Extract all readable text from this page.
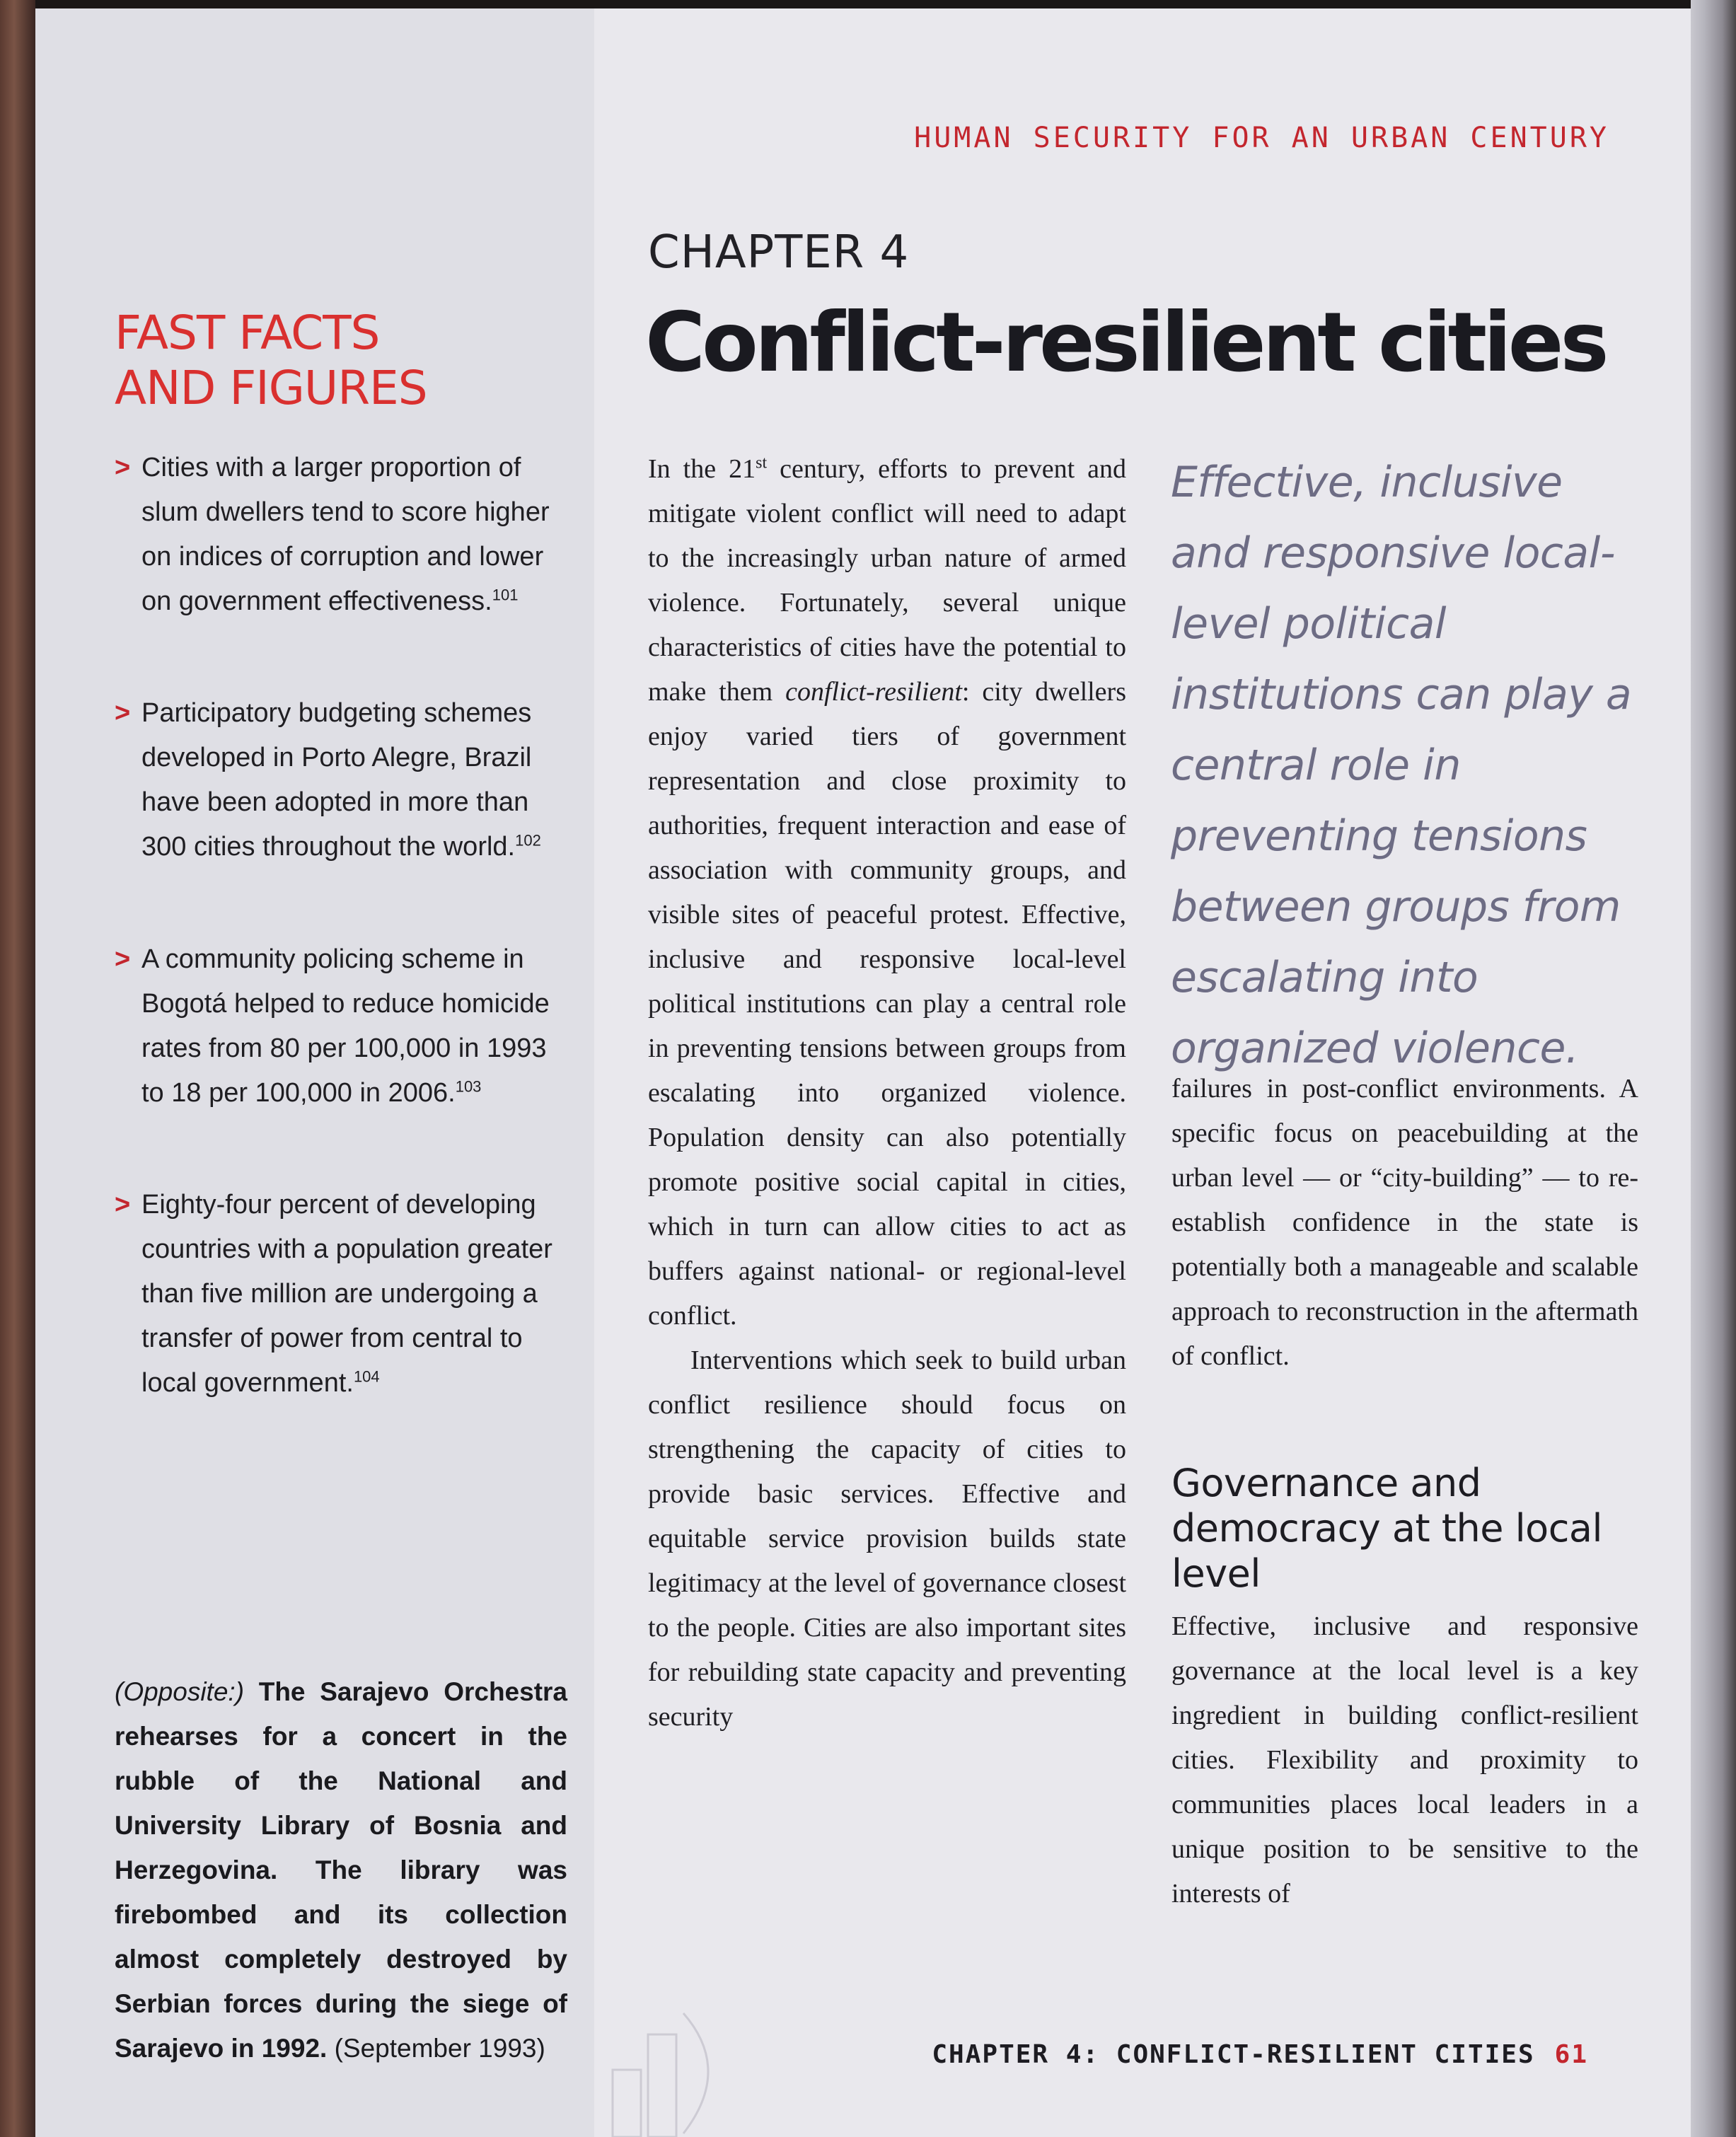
FAST FACTS
AND FIGURES
> Cities with a larger proportion of slum dwellers tend to score higher on indices of corruption and lower on government effectiveness.$^{101}$
> Participatory budgeting schemes developed in Porto Alegre, Brazil have been adopted in more than 300 cities throughout the world.$^{102}$
> A community policing scheme in Bogotá helped to reduce homicide rates from 80 per 100,000 in 1993 to 18 per 100,000 in 2006.$^{103}$
> Eighty-four percent of developing countries with a population greater than five million are undergoing a transfer of power from central to local government.$^{104}$
(Opposite:) The Sarajevo Orchestra rehearses for a concert in the rubble of the National and University Library of Bosnia and Herzegovina. The library was firebombed and its collection almost completely destroyed by Serbian forces during the siege of Sarajevo in 1992. (September 1993)
HUMAN SECURITY FOR AN URBAN CENTURY
CHAPTER 4
Conflict-resilient cities

In the 21st century, efforts to prevent and mitigate violent conflict will need to adapt to the increasingly urban nature of armed violence. Fortunately, several unique characteristics of cities have the potential to make them conflict-resilient: city dwellers enjoy varied tiers of government representation and close proximity to authorities, frequent interaction and ease of association with community groups, and visible sites of peaceful protest. Effective, inclusive and responsive local-level political institutions can play a central role in preventing tensions between groups from escalating into organized violence. Population density can also potentially promote positive social capital in cities, which in turn can allow cities to act as buffers against national- or regional-level conflict.

Interventions which seek to build urban conflict resilience should focus on strengthening the capacity of cities to provide basic services. Effective and equitable service provision builds state legitimacy at the level of governance closest to the people. Cities are also important sites for rebuilding state capacity and preventing security

Effective, inclusive and responsive local-level political institutions can play a central role in preventing tensions between groups from escalating into organized violence.

failures in post-conflict environments. A specific focus on peacebuilding at the urban level — or “city-building” — to re-establish confidence in the state is potentially both a manageable and scalable approach to reconstruction in the aftermath of conflict.

Governance and democracy at the local level

Effective, inclusive and responsive governance at the local level is a key ingredient in building conflict-resilient cities. Flexibility and proximity to communities places local leaders in a unique position to be sensitive to the interests of

CHAPTER 4: CONFLICT-RESILIENT CITIES 61
